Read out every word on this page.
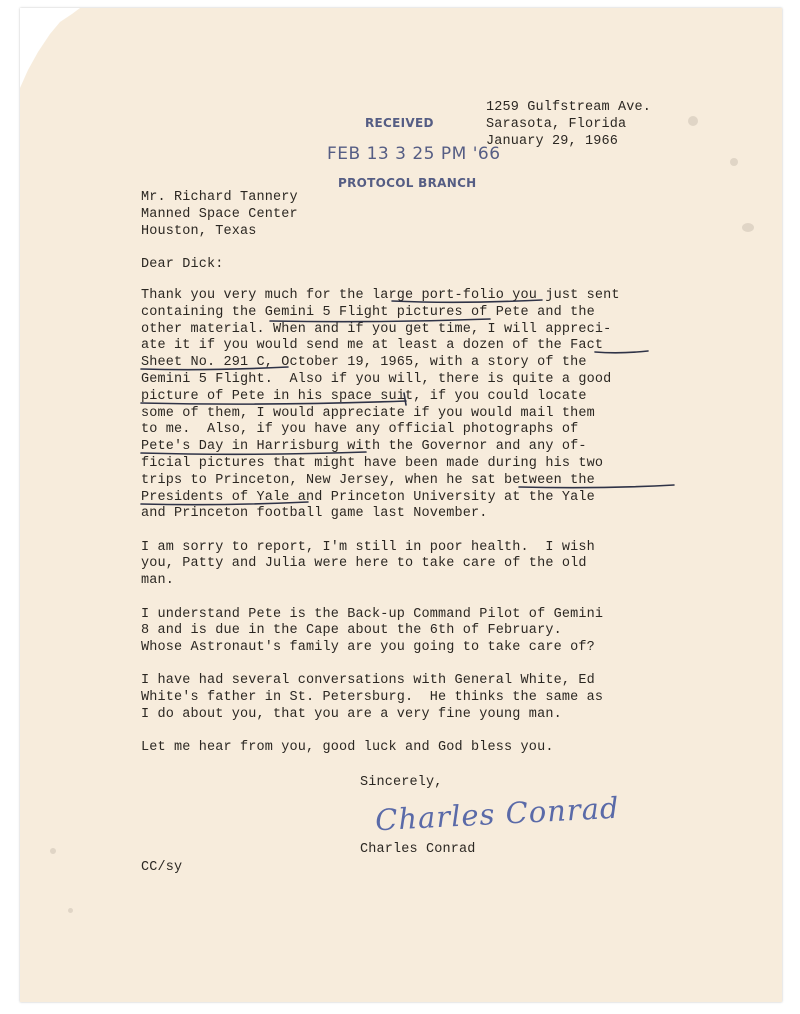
1259 Gulfstream Ave.
Sarasota, Florida
January 29, 1966
RECEIVED
FEB 13 3 25 PM '66
PROTOCOL BRANCH
Mr. Richard Tannery
Manned Space Center
Houston, Texas
Dear Dick:
Thank you very much for the large port-folio you just sent
containing the Gemini 5 Flight pictures of Pete and the
other material. When and if you get time, I will appreci-
ate it if you would send me at least a dozen of the Fact
Sheet No. 291 C, October 19, 1965, with a story of the
Gemini 5 Flight.  Also if you will, there is quite a good
picture of Pete in his space suit, if you could locate
some of them, I would appreciate if you would mail them
to me.  Also, if you have any official photographs of
Pete's Day in Harrisburg with the Governor and any of-
ficial pictures that might have been made during his two
trips to Princeton, New Jersey, when he sat between the
Presidents of Yale and Princeton University at the Yale
and Princeton football game last November.
I am sorry to report, I'm still in poor health.  I wish
you, Patty and Julia were here to take care of the old
man.
I understand Pete is the Back-up Command Pilot of Gemini
8 and is due in the Cape about the 6th of February.
Whose Astronaut's family are you going to take care of?
I have had several conversations with General White, Ed
White's father in St. Petersburg.  He thinks the same as
I do about you, that you are a very fine young man.
Let me hear from you, good luck and God bless you.
Sincerely,
Charles Conrad
Charles Conrad
CC/sy
